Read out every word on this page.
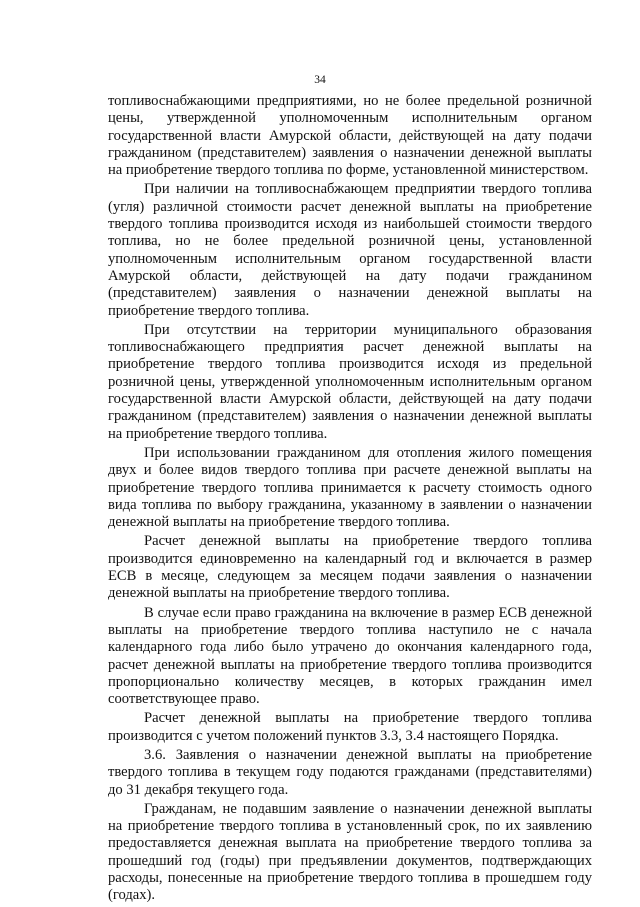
34

топливоснабжающими предприятиями, но не более предельной розничной цены, утвержденной уполномоченным исполнительным органом государственной власти Амурской области, действующей на дату подачи гражданином (представителем) заявления о назначении денежной выплаты на приобретение твердого топлива по форме, установленной министерством.

При наличии на топливоснабжающем предприятии твердого топлива (угля) различной стоимости расчет денежной выплаты на приобретение твердого топлива производится исходя из наибольшей стоимости твердого топлива, но не более предельной розничной цены, установленной уполномоченным исполнительным органом государственной власти Амурской области, действующей на дату подачи гражданином (представителем) заявления о назначении денежной выплаты на приобретение твердого топлива.

При отсутствии на территории муниципального образования топливоснабжающего предприятия расчет денежной выплаты на приобретение твердого топлива производится исходя из предельной розничной цены, утвержденной уполномоченным исполнительным органом государственной власти Амурской области, действующей на дату подачи гражданином (представителем) заявления о назначении денежной выплаты на приобретение твердого топлива.

При использовании гражданином для отопления жилого помещения двух и более видов твердого топлива при расчете денежной выплаты на приобретение твердого топлива принимается к расчету стоимость одного вида топлива по выбору гражданина, указанному в заявлении о назначении денежной выплаты на приобретение твердого топлива.

Расчет денежной выплаты на приобретение твердого топлива производится единовременно на календарный год и включается в размер ЕСВ в месяце, следующем за месяцем подачи заявления о назначении денежной выплаты на приобретение твердого топлива.

В случае если право гражданина на включение в размер ЕСВ денежной выплаты на приобретение твердого топлива наступило не с начала календарного года либо было утрачено до окончания календарного года, расчет денежной выплаты на приобретение твердого топлива производится пропорционально количеству месяцев, в которых гражданин имел соответствующее право.

Расчет денежной выплаты на приобретение твердого топлива производится с учетом положений пунктов 3.3, 3.4 настоящего Порядка.

3.6. Заявления о назначении денежной выплаты на приобретение твердого топлива в текущем году подаются гражданами (представителями) до 31 декабря текущего года.

Гражданам, не подавшим заявление о назначении денежной выплаты на приобретение твердого топлива в установленный срок, по их заявлению предоставляется денежная выплата на приобретение твердого топлива за прошедший год (годы) при предъявлении документов, подтверждающих расходы, понесенные на приобретение твердого топлива в прошедшем году (годах).
